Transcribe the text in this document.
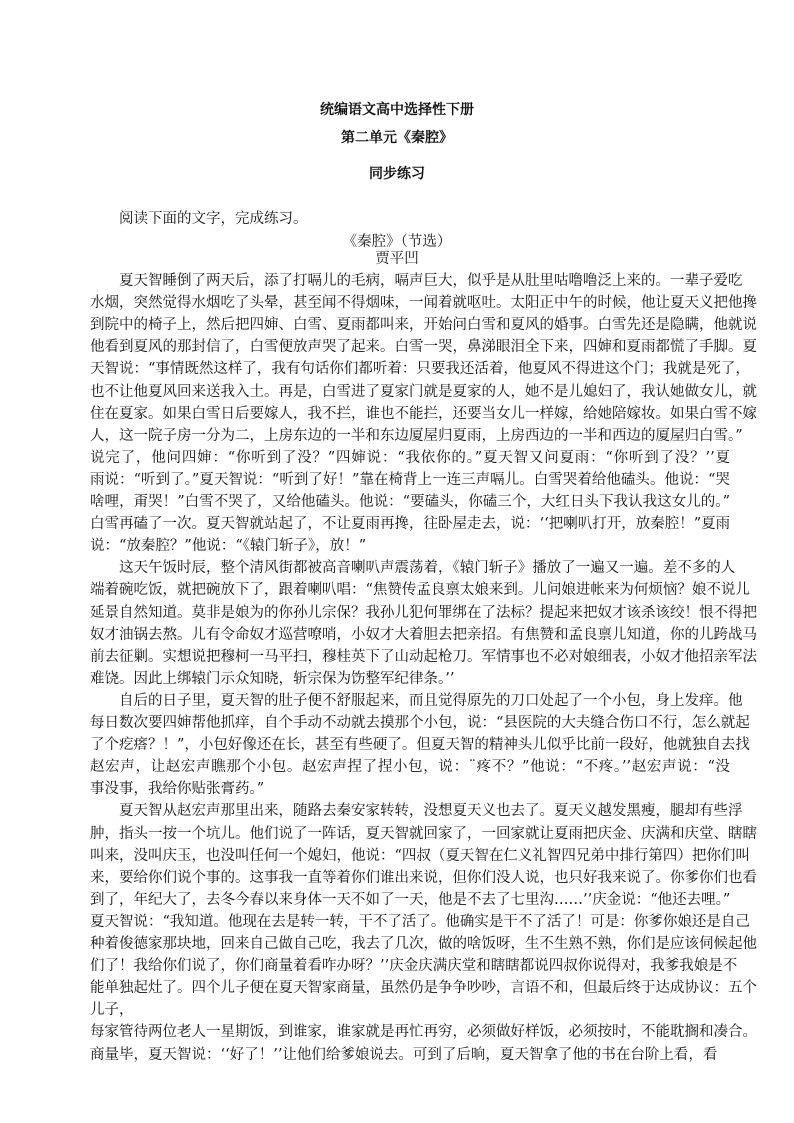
统编语文高中选择性下册
第二单元《秦腔》
同步练习
阅读下面的文字，完成练习。
《秦腔》（节选）
贾平凹
　　夏天智睡倒了两天后，添了打嗝儿的毛病，嗝声巨大，似乎是从肚里咕噜噜泛上来的。一辈子爱吃
水烟，突然觉得水烟吃了头晕，甚至闻不得烟味，一闻着就呕吐。太阳正中午的时候，他让夏天义把他搀
到院中的椅子上，然后把四婶、白雪、夏雨都叫来，开始问白雪和夏风的婚事。白雪先还是隐瞒，他就说
他看到夏风的那封信了，白雪便放声哭了起来。白雪一哭，鼻涕眼泪全下来，四婶和夏雨都慌了手脚。夏
天智说：“事情既然这样了，我有句话你们都听着：只要我还活着，他夏风不得进这个门；我就是死了，
也不让他夏风回来送我入土。再是，白雪进了夏家门就是夏家的人，她不是儿媳妇了，我认她做女儿，就
住在夏家。如果白雪日后要嫁人，我不拦，谁也不能拦，还要当女儿一样嫁，给她陪嫁妆。如果白雪不嫁
人，这一院子房一分为二，上房东边的一半和东边厦屋归夏雨，上房西边的一半和西边的厦屋归白雪。”
说完了，他问四婶：“你听到了没？”四婶说：“我依你的。”夏天智又问夏雨：“你听到了没？’’夏
雨说：“听到了。”夏天智说：“听到了好！”靠在椅背上一连三声嗝儿。白雪哭着给他磕头。他说：“哭
啥哩，甭哭！”白雪不哭了，又给他磕头。他说：“要磕头，你磕三个，大红日头下我认我这女儿的。”
白雪再磕了一次。夏天智就站起了，不让夏雨再搀，往卧屋走去，说：‘‘把喇叭打开，放秦腔！”夏雨
说：“放秦腔？”他说：“《辕门斩子》，放！”
　　这天午饭时辰，整个清风街都被高音喇叭声震荡着，《辕门斩子》播放了一遍又一遍。差不多的人
端着碗吃饭，就把碗放下了，跟着喇叭唱：“焦赞传孟良禀太娘来到。儿问娘进帐来为何烦恼？娘不说儿
延景自然知道。莫非是娘为的你孙儿宗保？我孙儿犯何罪绑在了法标？提起来把奴才该杀该绞！恨不得把
奴才油锅去熬。儿有令命奴才巡营嘹哨，小奴才大着胆去把亲招。有焦赞和孟良禀儿知道，你的儿跨战马
前去征剿。实想说把穆柯一马平扫，穆桂英下了山动起枪刀。军情事也不必对娘细表，小奴才他招亲军法
难饶。因此上绑辕门示众知晓，斩宗保为饬整军纪律条。’’
　　自后的日子里，夏天智的肚子便不舒服起来，而且觉得原先的刀口处起了一个小包，身上发痒。他
每日数次要四婶帮他抓痒，自个手动不动就去摸那个小包，说：“县医院的大夫缝合伤口不行，怎么就起
了个疙瘩？！”，小包好像还在长，甚至有些硬了。但夏天智的精神头儿似乎比前一段好，他就独自去找
赵宏声，让赵宏声瞧那个小包。赵宏声捏了捏小包，说：¨疼不？”他说：“不疼。’’赵宏声说：“没
事没事，我给你贴张膏药。”
　　夏天智从赵宏声那里出来，随路去秦安家转转，没想夏天义也去了。夏天义越发黑瘦，腿却有些浮
肿，指头一按一个坑儿。他们说了一阵话，夏天智就回家了，一回家就让夏雨把庆金、庆满和庆堂、瞎瞎
叫来，没叫庆玉，也没叫任何一个媳妇，他说：“四叔（夏天智在仁义礼智四兄弟中排行第四）把你们叫
来，要给你们说个事的。这事我一直等着你们谁出来说，但你们没人说，也只好我来说了。你爹你们也看
到了，年纪大了，去冬今春以来身体一天不如了一天，他是不去了七里沟……’’庆金说：“他还去哩。”
夏天智说：“我知道。他现在去是转一转，干不了活了。他确实是干不了活了！可是：你爹你娘还是自己
种着俊德家那块地，回来自己做自己吃，我去了几次，做的啥饭呀，生不生熟不熟，你们是应该伺候起他
们了！我给你们说了，你们商量着看咋办呀？’’庆金庆满庆堂和瞎瞎都说四叔你说得对，我爹我娘是不
能单独起灶了。四个儿子便在夏天智家商量，虽然仍是争争吵吵，言语不和，但最后终于达成协议：五个
儿子，
每家管待两位老人一星期饭，到谁家，谁家就是再忙再穷，必须做好样饭，必须按时，不能耽搁和凑合。
商量毕，夏天智说：‘‘好了！’’让他们给爹娘说去。可到了后晌，夏天智拿了他的书在台阶上看，看
